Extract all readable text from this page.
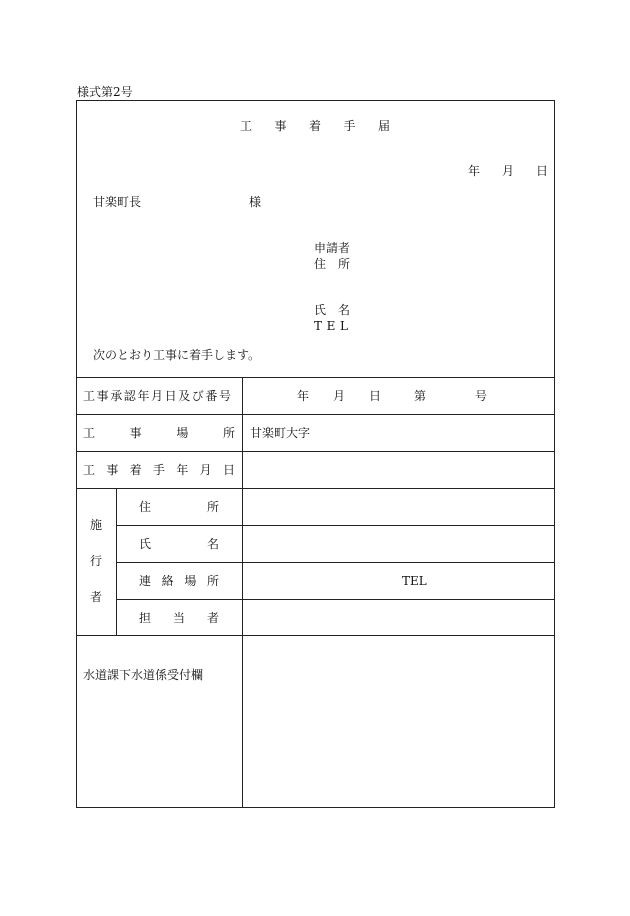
様式第2号
工 事 着 手 届
年 月 日
甘楽町長	様
申請者
住 所
氏 名
T E L
次のとおり工事に着手します。
工事承認年月日及び番号	年 月 日	第	号
工	事	場	所 甘楽町大字
工 事 着 手 年 月 日
施
行
者
住	所
氏	名
連 絡 場 所	TEL
担 当 者
水道課下水道係受付欄
